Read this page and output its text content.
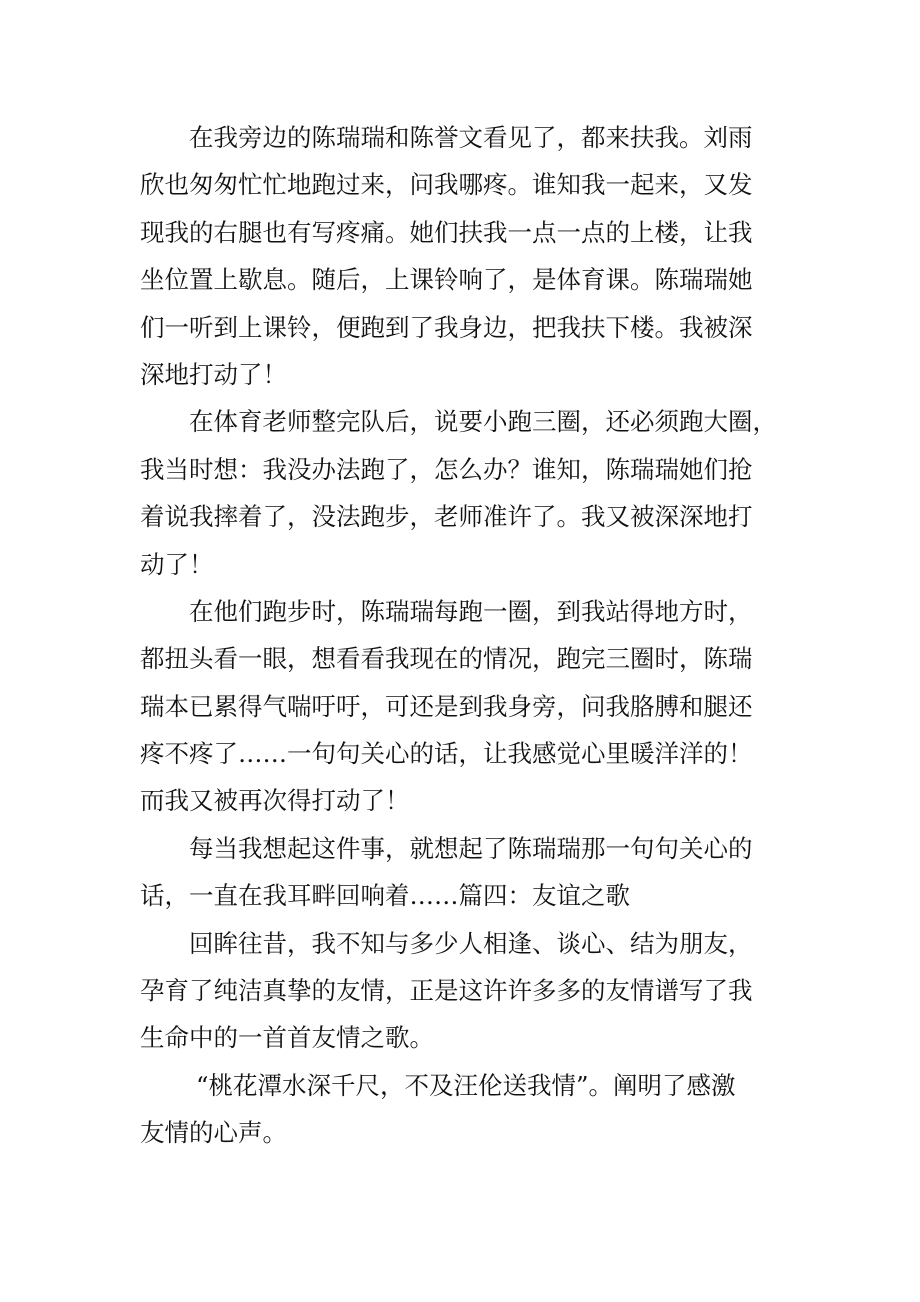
在我旁边的陈瑞瑞和陈誉文看见了，都来扶我。刘雨
欣也匆匆忙忙地跑过来，问我哪疼。谁知我一起来，又发
现我的右腿也有写疼痛。她们扶我一点一点的上楼，让我
坐位置上歇息。随后，上课铃响了，是体育课。陈瑞瑞她
们一听到上课铃，便跑到了我身边，把我扶下楼。我被深
深地打动了！
在体育老师整完队后，说要小跑三圈，还必须跑大圈，
我当时想：我没办法跑了，怎么办？谁知，陈瑞瑞她们抢
着说我摔着了，没法跑步，老师准许了。我又被深深地打
动了！
在他们跑步时，陈瑞瑞每跑一圈，到我站得地方时，
都扭头看一眼，想看看我现在的情况，跑完三圈时，陈瑞
瑞本已累得气喘吁吁，可还是到我身旁，问我胳膊和腿还
疼不疼了……一句句关心的话，让我感觉心里暖洋洋的！
而我又被再次得打动了！
每当我想起这件事，就想起了陈瑞瑞那一句句关心的
话，一直在我耳畔回响着……篇四：友谊之歌
回眸往昔，我不知与多少人相逢、谈心、结为朋友，
孕育了纯洁真挚的友情，正是这许许多多的友情谱写了我
生命中的一首首友情之歌。
“桃花潭水深千尺，不及汪伦送我情”。阐明了感激
友情的心声。
